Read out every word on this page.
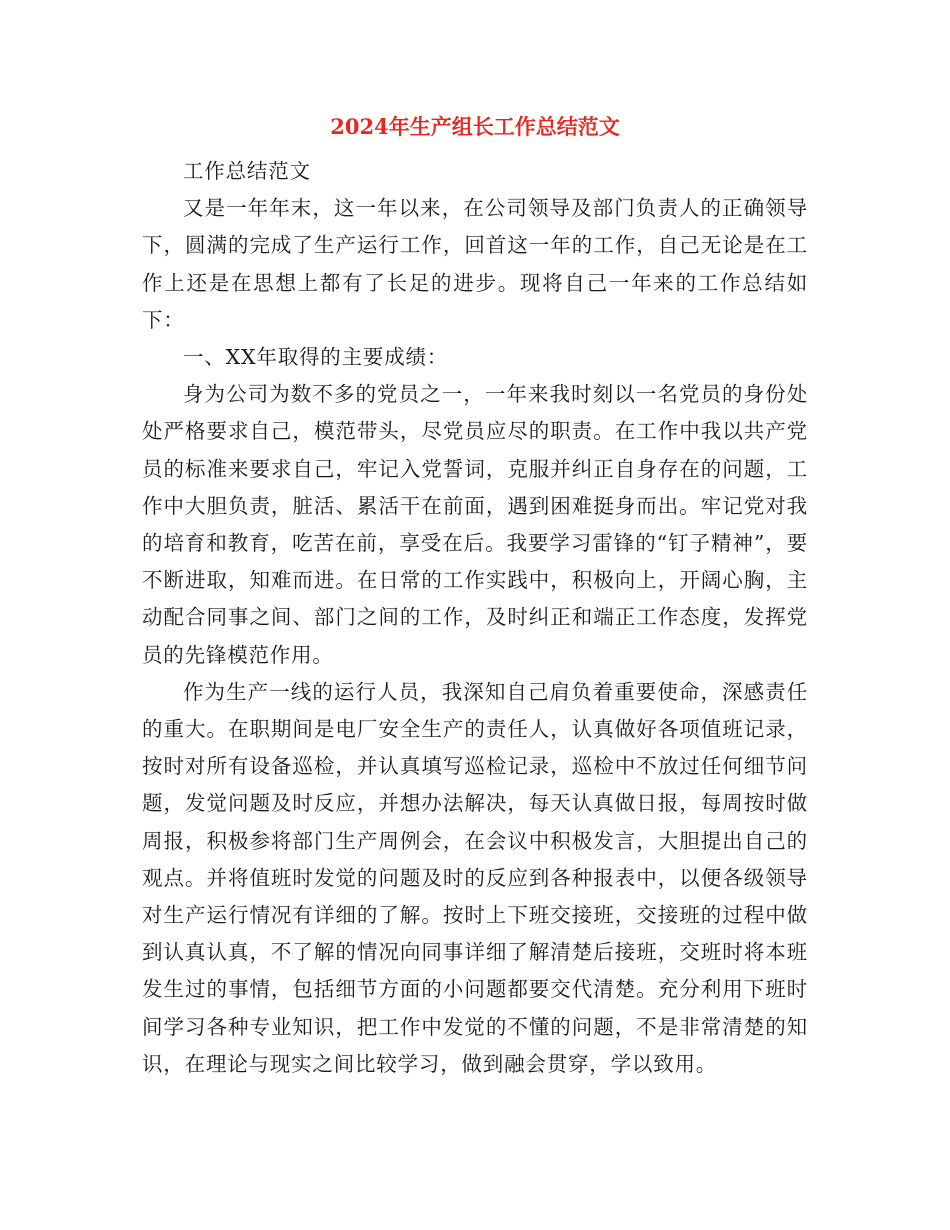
2024年生产组长工作总结范文

工作总结范文

又是一年年末，这一年以来，在公司领导及部门负责人的正确领导下，圆满的完成了生产运行工作，回首这一年的工作，自己无论是在工作上还是在思想上都有了长足的进步。现将自己一年来的工作总结如下：

一、XX年取得的主要成绩：

身为公司为数不多的党员之一，一年来我时刻以一名党员的身份处处严格要求自己，模范带头，尽党员应尽的职责。在工作中我以共产党员的标准来要求自己，牢记入党誓词，克服并纠正自身存在的问题，工作中大胆负责，脏活、累活干在前面，遇到困难挺身而出。牢记党对我的培育和教育，吃苦在前，享受在后。我要学习雷锋的“钉子精神”，要不断进取，知难而进。在日常的工作实践中，积极向上，开阔心胸，主动配合同事之间、部门之间的工作，及时纠正和端正工作态度，发挥党员的先锋模范作用。

作为生产一线的运行人员，我深知自己肩负着重要使命，深感责任的重大。在职期间是电厂安全生产的责任人，认真做好各项值班记录，按时对所有设备巡检，并认真填写巡检记录，巡检中不放过任何细节问题，发觉问题及时反应，并想办法解决，每天认真做日报，每周按时做周报，积极参将部门生产周例会，在会议中积极发言，大胆提出自己的观点。并将值班时发觉的问题及时的反应到各种报表中，以便各级领导对生产运行情况有详细的了解。按时上下班交接班，交接班的过程中做到认真认真，不了解的情况向同事详细了解清楚后接班，交班时将本班发生过的事情，包括细节方面的小问题都要交代清楚。充分利用下班时间学习各种专业知识，把工作中发觉的不懂的问题，不是非常清楚的知识，在理论与现实之间比较学习，做到融会贯穿，学以致用。
